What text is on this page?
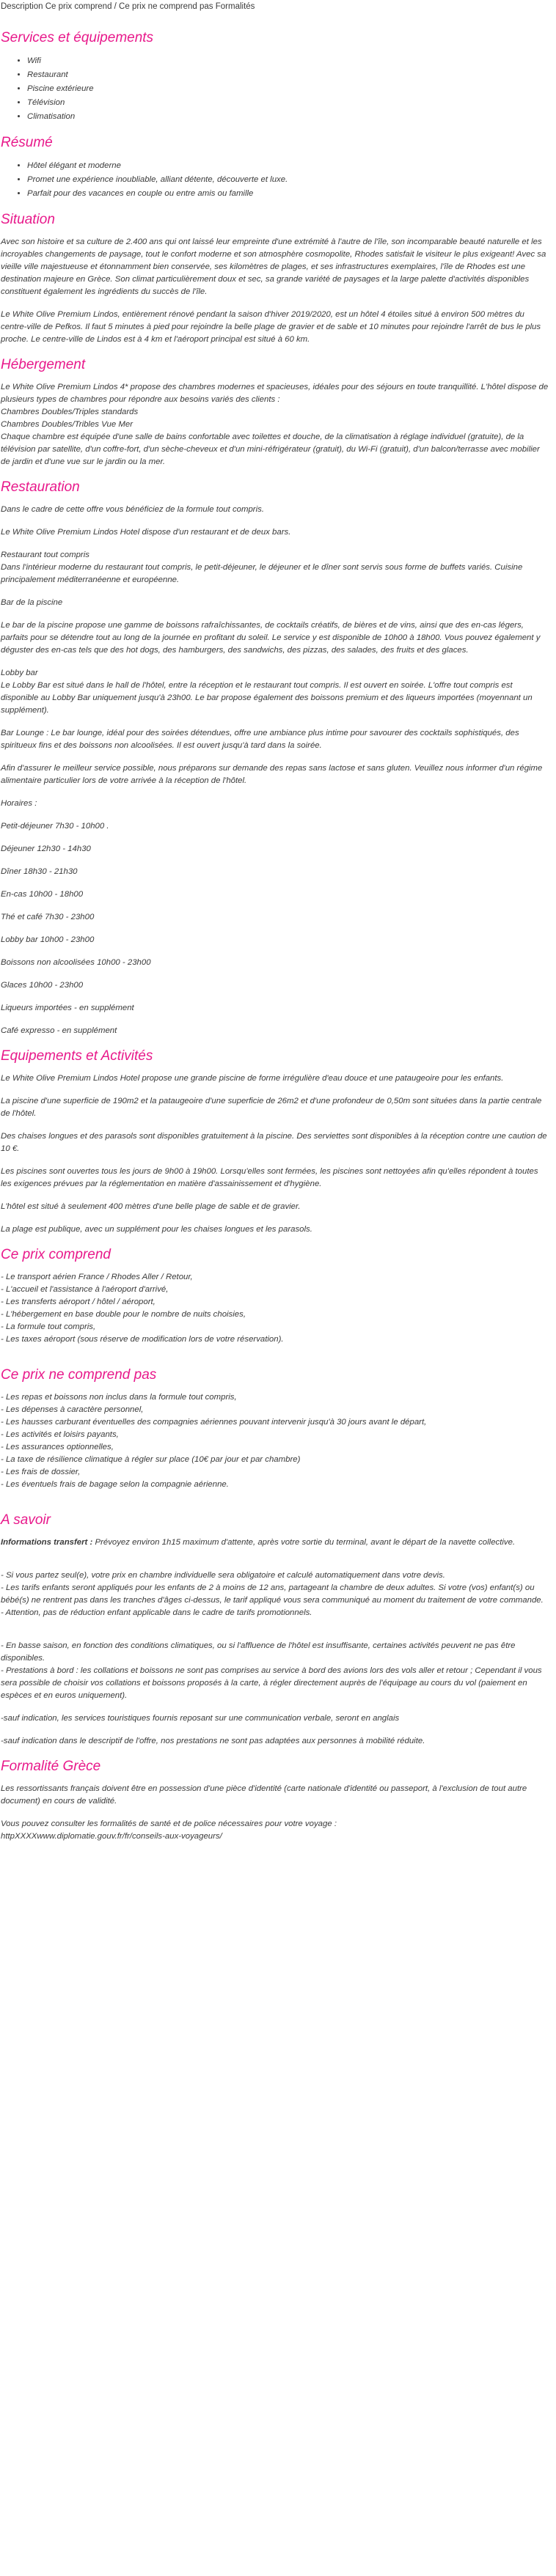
Description Ce prix comprend / Ce prix ne comprend pas Formalités
Services et équipements
• Wifi
• Restaurant
• Piscine extérieure
• Télévision
• Climatisation
Résumé
• Hôtel élégant et moderne
• Promet une expérience inoubliable, alliant détente, découverte et luxe.
• Parfait pour des vacances en couple ou entre amis ou famille
Situation

Avec son histoire et sa culture de 2.400 ans qui ont laissé leur empreinte d'une extrémité à l'autre de l'île, son incomparable beauté naturelle et les incroyables changements de paysage, tout le confort moderne et son atmosphère cosmopolite, Rhodes satisfait le visiteur le plus exigeant! Avec sa vieille ville majestueuse et étonnamment bien conservée, ses kilomètres de plages, et ses infrastructures exemplaires, l'île de Rhodes est une destination majeure en Grèce. Son climat particulièrement doux et sec, sa grande variété de paysages et la large palette d'activités disponibles constituent également les ingrédients du succès de l'île.

Le White Olive Premium Lindos, entièrement rénové pendant la saison d'hiver 2019/2020, est un hôtel 4 étoiles situé à environ 500 mètres du centre-ville de Pefkos. Il faut 5 minutes à pied pour rejoindre la belle plage de gravier et de sable et 10 minutes pour rejoindre l'arrêt de bus le plus proche. Le centre-ville de Lindos est à 4 km et l'aéroport principal est situé à 60 km.

Hébergement

Le White Olive Premium Lindos 4* propose des chambres modernes et spacieuses, idéales pour des séjours en toute tranquillité. L'hôtel dispose de plusieurs types de chambres pour répondre aux besoins variés des clients :

Chambres Doubles/Triples standards

Chambres Doubles/Tribles Vue Mer

Chaque chambre est équipée d'une salle de bains confortable avec toilettes et douche, de la climatisation à réglage individuel (gratuite), de la télévision par satellite, d'un coffre-fort, d'un sèche-cheveux et d'un mini-réfrigérateur (gratuit), du Wi-Fi (gratuit), d'un balcon/terrasse avec mobilier de jardin et d'une vue sur le jardin ou la mer.

Restauration

Dans le cadre de cette offre vous bénéficiez de la formule tout compris.

Le White Olive Premium Lindos Hotel dispose d'un restaurant et de deux bars.

Restaurant tout compris

Dans l'intérieur moderne du restaurant tout compris, le petit-déjeuner, le déjeuner et le dîner sont servis sous forme de buffets variés. Cuisine principalement méditerranéenne et européenne.

Bar de la piscine

Le bar de la piscine propose une gamme de boissons rafraîchissantes, de cocktails créatifs, de bières et de vins, ainsi que des en-cas légers, parfaits pour se détendre tout au long de la journée en profitant du soleil. Le service y est disponible de 10h00 à 18h00. Vous pouvez également y déguster des en-cas tels que des hot dogs, des hamburgers, des sandwichs, des pizzas, des salades, des fruits et des glaces.

Lobby bar

Le Lobby Bar est situé dans le hall de l'hôtel, entre la réception et le restaurant tout compris. Il est ouvert en soirée. L'offre tout compris est disponible au Lobby Bar uniquement jusqu'à 23h00. Le bar propose également des boissons premium et des liqueurs importées (moyennant un supplément).

Bar Lounge : Le bar lounge, idéal pour des soirées détendues, offre une ambiance plus intime pour savourer des cocktails sophistiqués, des spiritueux fins et des boissons non alcoolisées. Il est ouvert jusqu'à tard dans la soirée.

Afin d'assurer le meilleur service possible, nous préparons sur demande des repas sans lactose et sans gluten. Veuillez nous informer d'un régime alimentaire particulier lors de votre arrivée à la réception de l'hôtel.

Horaires :

Petit-déjeuner 7h30 - 10h00 .

Déjeuner 12h30 - 14h30

Dîner 18h30 - 21h30

En-cas 10h00 - 18h00

Thé et café 7h30 - 23h00

Lobby bar 10h00 - 23h00

Boissons non alcoolisées 10h00 - 23h00

Glaces 10h00 - 23h00

Liqueurs importées - en supplément

Café expresso - en supplément

Equipements et Activités

Le White Olive Premium Lindos Hotel propose une grande piscine de forme irrégulière d'eau douce et une pataugeoire pour les enfants.

La piscine d'une superficie de 190m2 et la pataugeoire d'une superficie de 26m2 et d'une profondeur de 0,50m sont situées dans la partie centrale de l'hôtel.

Des chaises longues et des parasols sont disponibles gratuitement à la piscine. Des serviettes sont disponibles à la réception contre une caution de 10 €.

Les piscines sont ouvertes tous les jours de 9h00 à 19h00. Lorsqu'elles sont fermées, les piscines sont nettoyées afin qu'elles répondent à toutes les exigences prévues par la réglementation en matière d'assainissement et d'hygiène.

L'hôtel est situé à seulement 400 mètres d'une belle plage de sable et de gravier.

La plage est publique, avec un supplément pour les chaises longues et les parasols.

Ce prix comprend

- Le transport aérien France / Rhodes Aller / Retour,

- L'accueil et l'assistance à l'aéroport d'arrivé,

- Les transferts aéroport / hôtel / aéroport,

- L'hébergement en base double pour le nombre de nuits choisies,

- La formule tout compris,

- Les taxes aéroport (sous réserve de modification lors de votre réservation).

Ce prix ne comprend pas

- Les repas et boissons non inclus dans la formule tout compris,

- Les dépenses à caractère personnel,

- Les hausses carburant éventuelles des compagnies aériennes pouvant intervenir jusqu'à 30 jours avant le départ,

- Les activités et loisirs payants,

- Les assurances optionnelles,

- La taxe de résilience climatique à régler sur place (10€ par jour et par chambre)

- Les frais de dossier,

- Les éventuels frais de bagage selon la compagnie aérienne.

A savoir

Informations transfert : Prévoyez environ 1h15 maximum d'attente, après votre sortie du terminal, avant le départ de la navette collective.

- Si vous partez seul(e), votre prix en chambre individuelle sera obligatoire et calculé automatiquement dans votre devis.

- Les tarifs enfants seront appliqués pour les enfants de 2 à moins de 12 ans, partageant la chambre de deux adultes. Si votre (vos) enfant(s) ou bébé(s) ne rentrent pas dans les tranches d'âges ci-dessus, le tarif appliqué vous sera communiqué au moment du traitement de votre commande.

- Attention, pas de réduction enfant applicable dans le cadre de tarifs promotionnels.

- En basse saison, en fonction des conditions climatiques, ou si l'affluence de l'hôtel est insuffisante, certaines activités peuvent ne pas être disponibles.

- Prestations à bord : les collations et boissons ne sont pas comprises au service à bord des avions lors des vols aller et retour ; Cependant il vous sera possible de choisir vos collations et boissons proposés à la carte, à régler directement auprès de l'équipage au cours du vol (paiement en espèces et en euros uniquement).

-sauf indication, les services touristiques fournis reposant sur une communication verbale, seront en anglais

-sauf indication dans le descriptif de l'offre, nos prestations ne sont pas adaptées aux personnes à mobilité réduite.

Formalité Grèce

Les ressortissants français doivent être en possession d'une pièce d'identité (carte nationale d'identité ou passeport, à l'exclusion de tout autre document) en cours de validité.

Vous pouvez consulter les formalités de santé et de police nécessaires pour votre voyage :

httpXXXXwww.diplomatie.gouv.fr/fr/conseils-aux-voyageurs/
